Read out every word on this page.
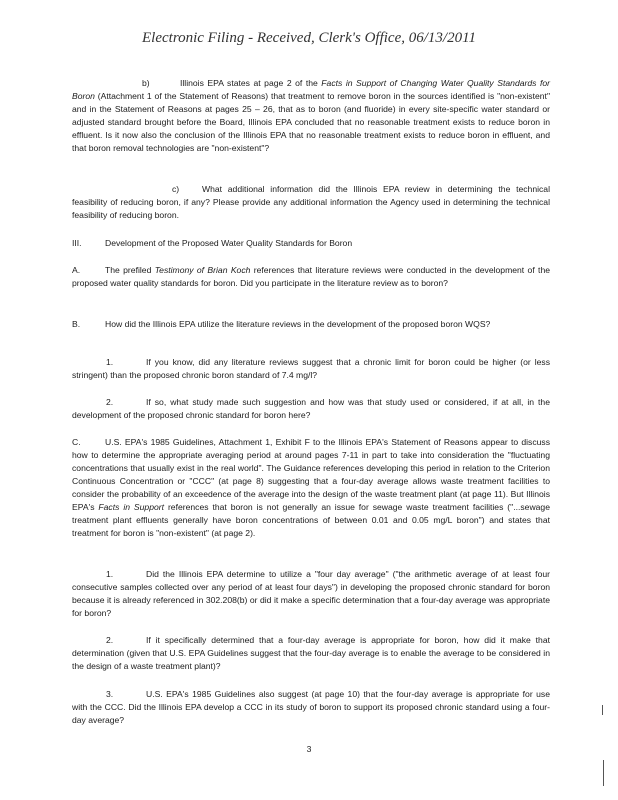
Electronic Filing - Received, Clerk's Office, 06/13/2011

b)	Illinois EPA states at page 2 of the Facts in Support of Changing Water Quality Standards for Boron (Attachment 1 of the Statement of Reasons) that treatment to remove boron in the sources identified is "non-existent" and in the Statement of Reasons at pages 25 – 26, that as to boron (and fluoride) in every site-specific water standard or adjusted standard brought before the Board, Illinois EPA concluded that no reasonable treatment exists to reduce boron in effluent. Is it now also the conclusion of the Illinois EPA that no reasonable treatment exists to reduce boron in effluent, and that boron removal technologies are "non-existent"?

c)	What additional information did the Illinois EPA review in determining the technical feasibility of reducing boron, if any? Please provide any additional information the Agency used in determining the technical feasibility of reducing boron.

III.	Development of the Proposed Water Quality Standards for Boron

A.	The prefiled Testimony of Brian Koch references that literature reviews were conducted in the development of the proposed water quality standards for boron. Did you participate in the literature review as to boron?

B.	How did the Illinois EPA utilize the literature reviews in the development of the proposed boron WQS?

1.	If you know, did any literature reviews suggest that a chronic limit for boron could be higher (or less stringent) than the proposed chronic boron standard of 7.4 mg/l?

2.	If so, what study made such suggestion and how was that study used or considered, if at all, in the development of the proposed chronic standard for boron here?

C.	U.S. EPA's 1985 Guidelines, Attachment 1, Exhibit F to the Illinois EPA's Statement of Reasons appear to discuss how to determine the appropriate averaging period at around pages 7-11 in part to take into consideration the "fluctuating concentrations that usually exist in the real world". The Guidance references developing this period in relation to the Criterion Continuous Concentration or "CCC" (at page 8) suggesting that a four-day average allows waste treatment facilities to consider the probability of an exceedence of the average into the design of the waste treatment plant (at page 11). But Illinois EPA's Facts in Support references that boron is not generally an issue for sewage waste treatment facilities ("...sewage treatment plant effluents generally have boron concentrations of between 0.01 and 0.05 mg/L boron") and states that treatment for boron is "non-existent" (at page 2).

1.	Did the Illinois EPA determine to utilize a "four day average" ("the arithmetic average of at least four consecutive samples collected over any period of at least four days") in developing the proposed chronic standard for boron because it is already referenced in 302.208(b) or did it make a specific determination that a four-day average was appropriate for boron?

2.	If it specifically determined that a four-day average is appropriate for boron, how did it make that determination (given that U.S. EPA Guidelines suggest that the four-day average is to enable the average to be considered in the design of a waste treatment plant)?

3.	U.S. EPA's 1985 Guidelines also suggest (at page 10) that the four-day average is appropriate for use with the CCC. Did the Illinois EPA develop a CCC in its study of boron to support its proposed chronic standard using a four-day average?

3
